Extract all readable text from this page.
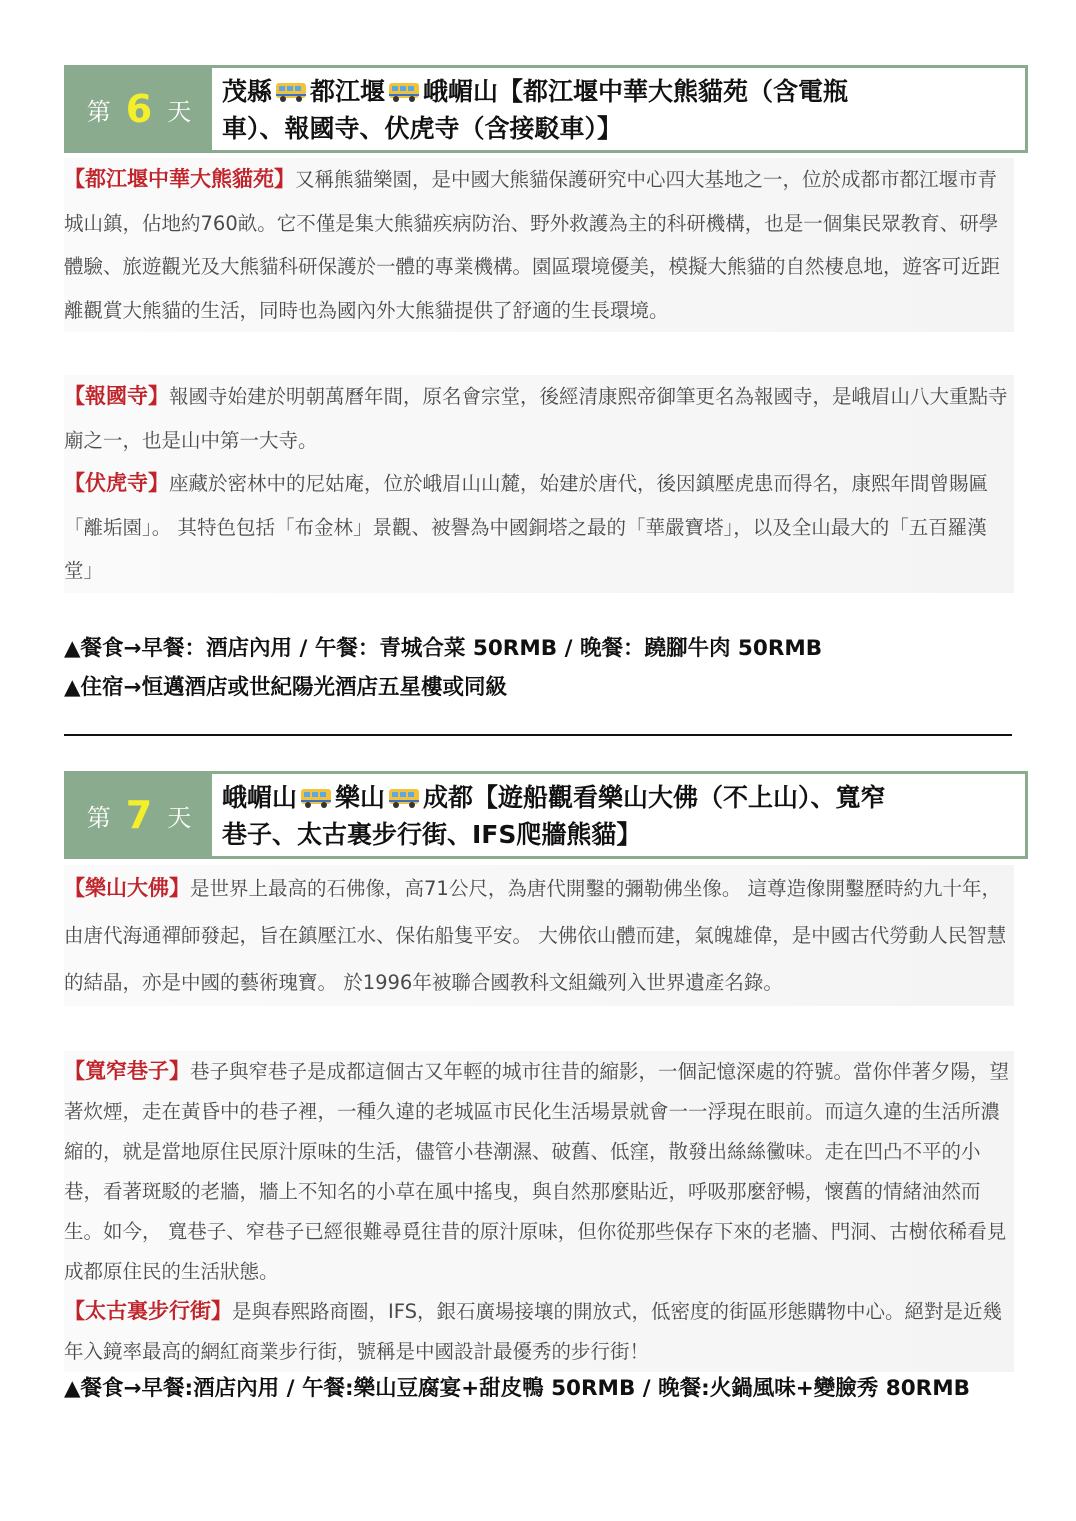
第 6 天
茂縣 都江堰 峨嵋山【都江堰中華大熊貓苑（含電瓶
車）、報國寺、伏虎寺（含接駁車）】
【都江堰中華大熊貓苑】又稱熊貓樂園，是中國大熊貓保護研究中心四大基地之一，位於成都市都江堰市青城山鎮，佔地約760畝。它不僅是集大熊貓疾病防治、野外救護為主的科研機構，也是一個集民眾教育、研學體驗、旅遊觀光及大熊貓科研保護於一體的專業機構。園區環境優美，模擬大熊貓的自然棲息地，遊客可近距離觀賞大熊貓的生活，同時也為國內外大熊貓提供了舒適的生長環境。
【報國寺】報國寺始建於明朝萬曆年間，原名會宗堂，後經清康熙帝御筆更名為報國寺，是峨眉山八大重點寺廟之一，也是山中第一大寺。
【伏虎寺】座藏於密林中的尼姑庵，位於峨眉山山麓，始建於唐代，後因鎮壓虎患而得名，康熙年間曾賜匾「離垢園」。 其特色包括「布金林」景觀、被譽為中國銅塔之最的「華嚴寶塔」，以及全山最大的「五百羅漢堂」
▲餐食→早餐：酒店內用 / 午餐：青城合菜 50RMB / 晚餐：蹺腳牛肉 50RMB
▲住宿→恒邁酒店或世紀陽光酒店五星樓或同級
第 7 天
峨嵋山 樂山 成都【遊船觀看樂山大佛（不上山）、寬窄
巷子、太古裏步行街、IFS爬牆熊貓】
【樂山大佛】是世界上最高的石佛像，高71公尺，為唐代開鑿的彌勒佛坐像。 這尊造像開鑿歷時約九十年，由唐代海通禪師發起，旨在鎮壓江水、保佑船隻平安。 大佛依山體而建，氣魄雄偉，是中國古代勞動人民智慧的結晶，亦是中國的藝術瑰寶。 於1996年被聯合國教科文組織列入世界遺產名錄。
【寬窄巷子】巷子與窄巷子是成都這個古又年輕的城市往昔的縮影，一個記憶深處的符號。當你伴著夕陽，望著炊煙，走在黃昏中的巷子裡，一種久違的老城區市民化生活場景就會一一浮現在眼前。而這久違的生活所濃縮的，就是當地原住民原汁原味的生活，儘管小巷潮濕、破舊、低窪，散發出絲絲黴味。走在凹凸不平的小巷，看著斑駁的老牆，牆上不知名的小草在風中搖曳，與自然那麼貼近，呼吸那麼舒暢，懷舊的情緒油然而生。如今， 寬巷子、窄巷子已經很難尋覓往昔的原汁原味，但你從那些保存下來的老牆、門洞、古樹依稀看見成都原住民的生活狀態。
【太古裏步行街】是與春熙路商圈，IFS，銀石廣場接壤的開放式，低密度的街區形態購物中心。絕對是近幾年入鏡率最高的網紅商業步行街，號稱是中國設計最優秀的步行街！
▲餐食→早餐:酒店內用 / 午餐:樂山豆腐宴+甜皮鴨 50RMB / 晚餐:火鍋風味+變臉秀 80RMB
